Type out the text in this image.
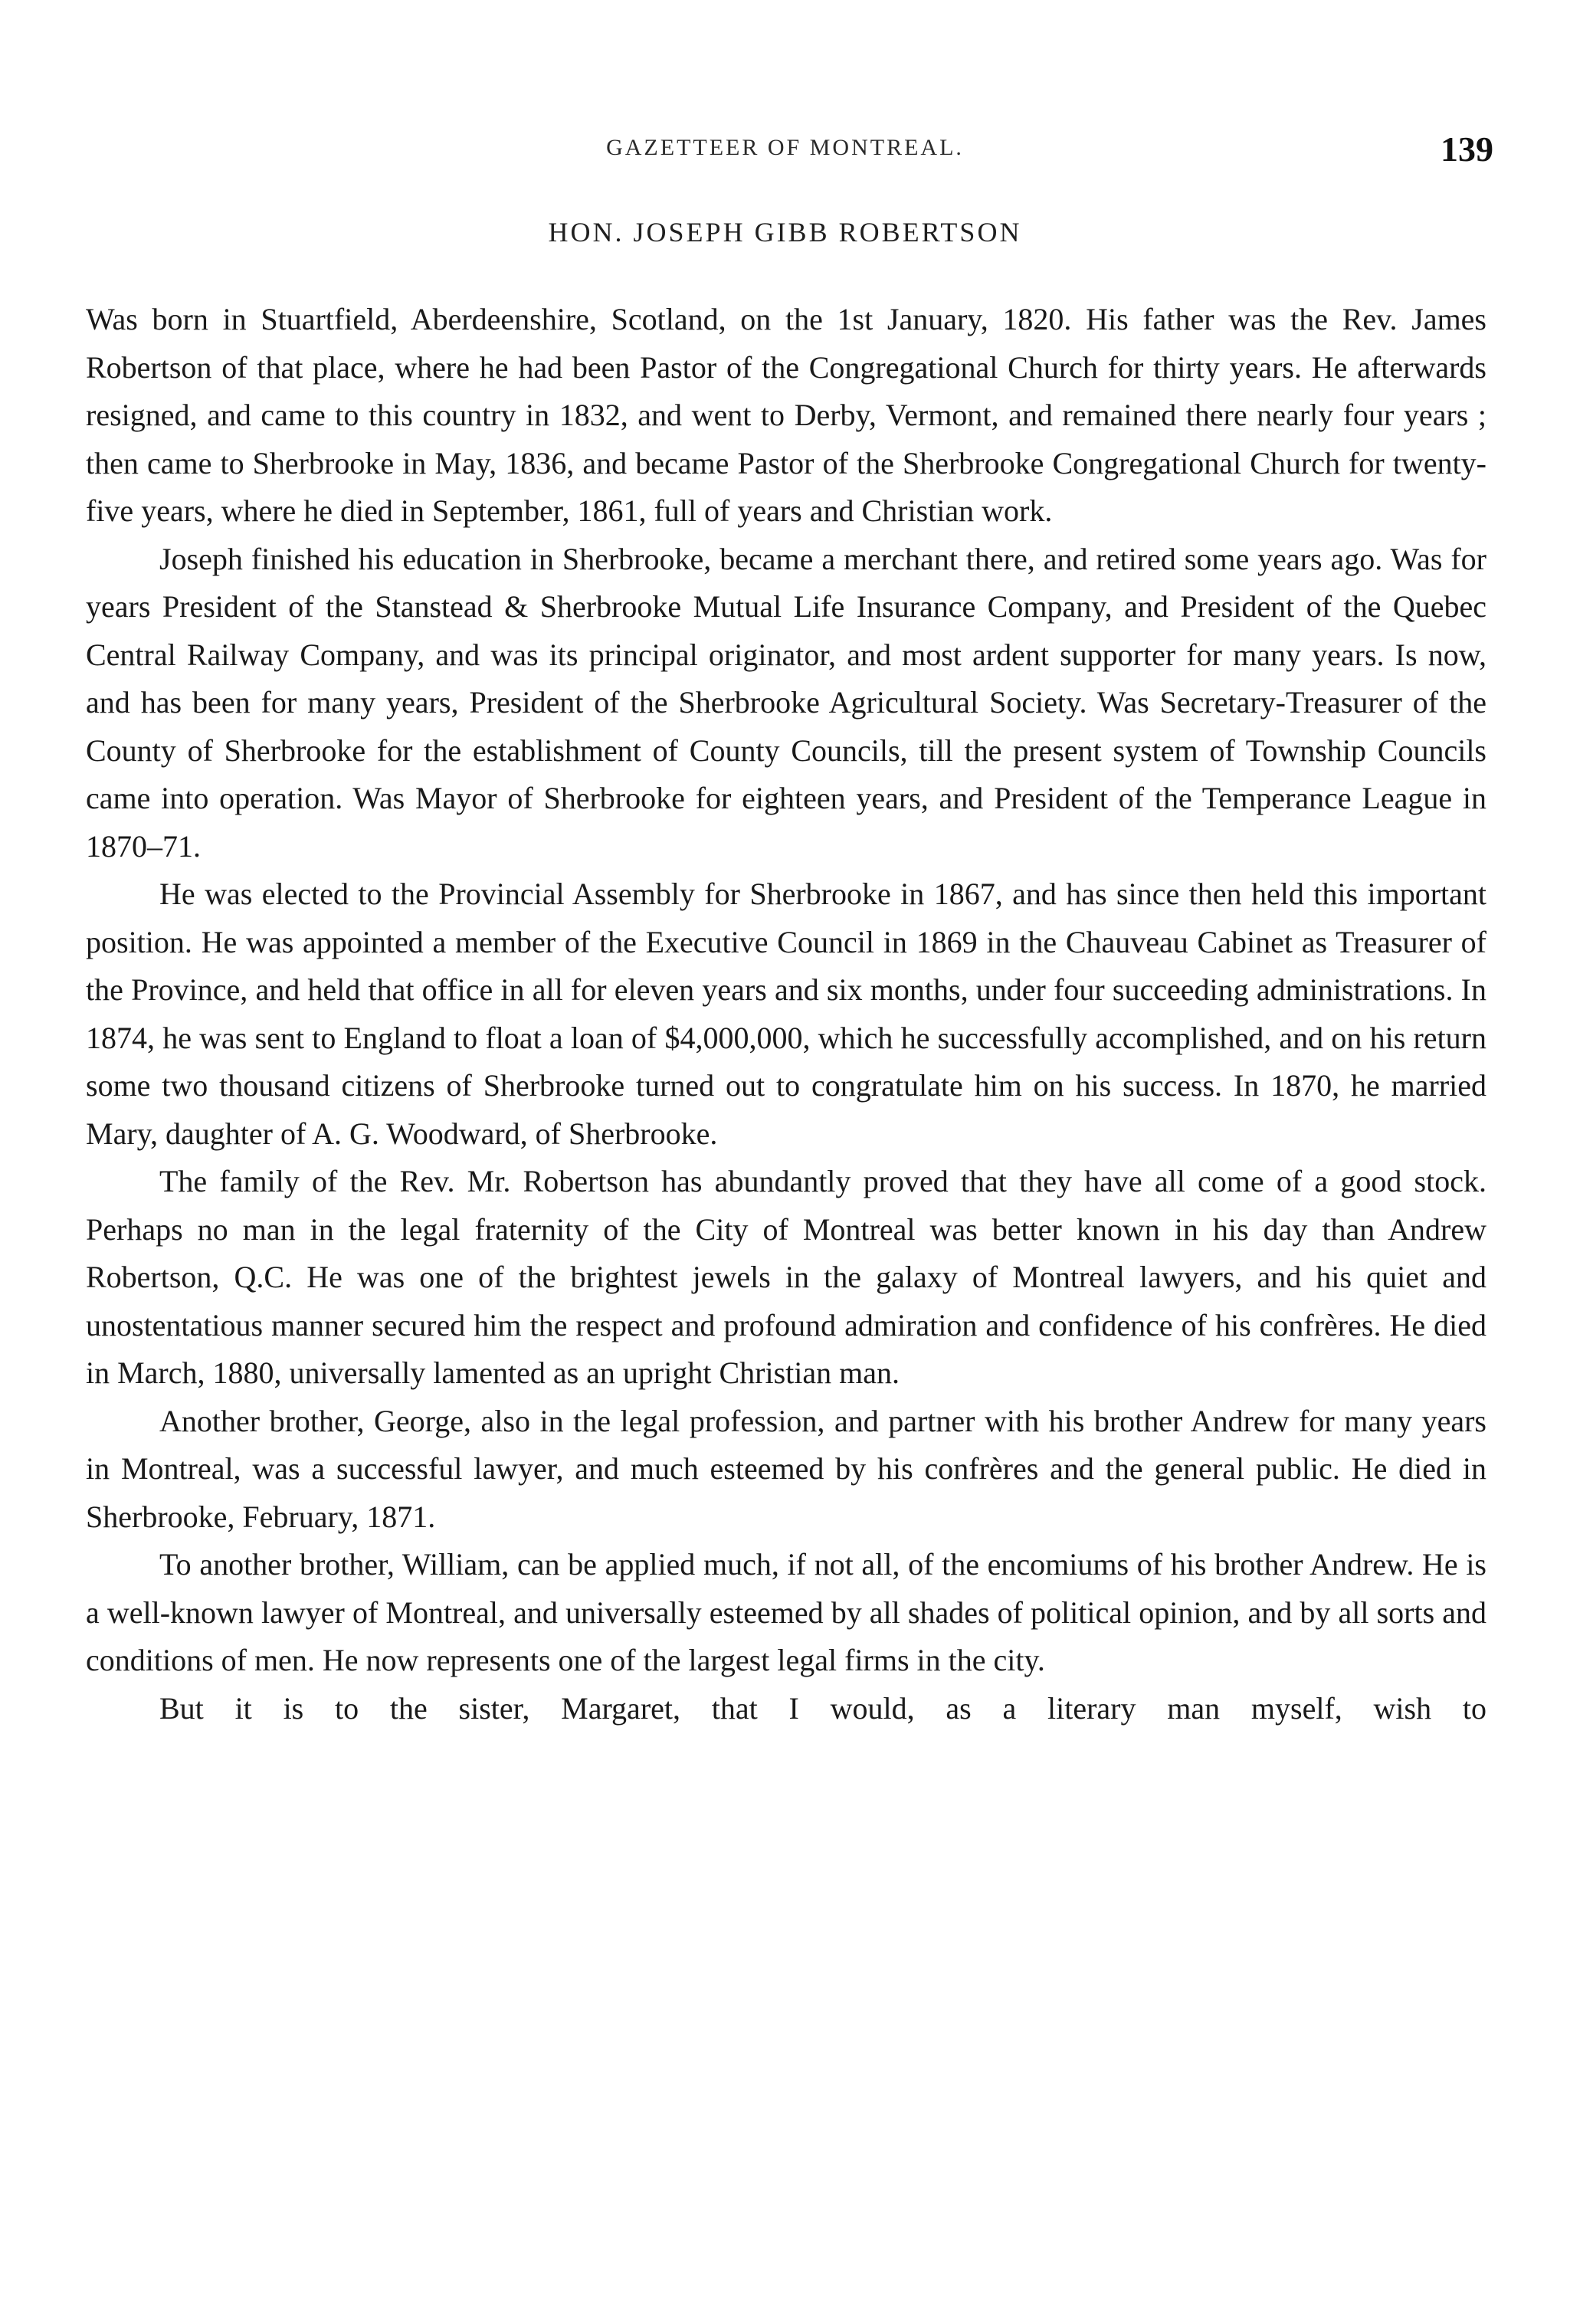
GAZETTEER OF MONTREAL.	139
HON. JOSEPH GIBB ROBERTSON

Was born in Stuartfield, Aberdeenshire, Scotland, on the 1st January, 1820. His father was the Rev. James Robertson of that place, where he had been Pastor of the Congregational Church for thirty years. He afterwards resigned, and came to this country in 1832, and went to Derby, Vermont, and remained there nearly four years ; then came to Sherbrooke in May, 1836, and became Pastor of the Sherbrooke Congregational Church for twenty-five years, where he died in September, 1861, full of years and Christian work.

Joseph finished his education in Sherbrooke, became a merchant there, and retired some years ago. Was for years President of the Stanstead & Sherbrooke Mutual Life Insurance Company, and President of the Quebec Central Railway Company, and was its principal originator, and most ardent supporter for many years. Is now, and has been for many years, President of the Sherbrooke Agricultural Society. Was Secretary-Treasurer of the County of Sherbrooke for the establishment of County Councils, till the present system of Township Councils came into operation. Was Mayor of Sherbrooke for eighteen years, and President of the Temperance League in 1870–71.

He was elected to the Provincial Assembly for Sherbrooke in 1867, and has since then held this important position. He was appointed a member of the Executive Council in 1869 in the Chauveau Cabinet as Treasurer of the Province, and held that office in all for eleven years and six months, under four succeeding administrations. In 1874, he was sent to England to float a loan of $4,000,000, which he successfully accomplished, and on his return some two thousand citizens of Sherbrooke turned out to congratulate him on his success. In 1870, he married Mary, daughter of A. G. Woodward, of Sherbrooke.

The family of the Rev. Mr. Robertson has abundantly proved that they have all come of a good stock. Perhaps no man in the legal fraternity of the City of Montreal was better known in his day than Andrew Robertson, Q.C. He was one of the brightest jewels in the galaxy of Montreal lawyers, and his quiet and unostentatious manner secured him the respect and profound admiration and confidence of his confrères. He died in March, 1880, universally lamented as an upright Christian man.

Another brother, George, also in the legal profession, and partner with his brother Andrew for many years in Montreal, was a successful lawyer, and much esteemed by his confrères and the general public. He died in Sherbrooke, February, 1871.

To another brother, William, can be applied much, if not all, of the encomiums of his brother Andrew. He is a well-known lawyer of Montreal, and universally esteemed by all shades of political opinion, and by all sorts and conditions of men. He now represents one of the largest legal firms in the city.

But it is to the sister, Margaret, that I would, as a literary man myself, wish to
